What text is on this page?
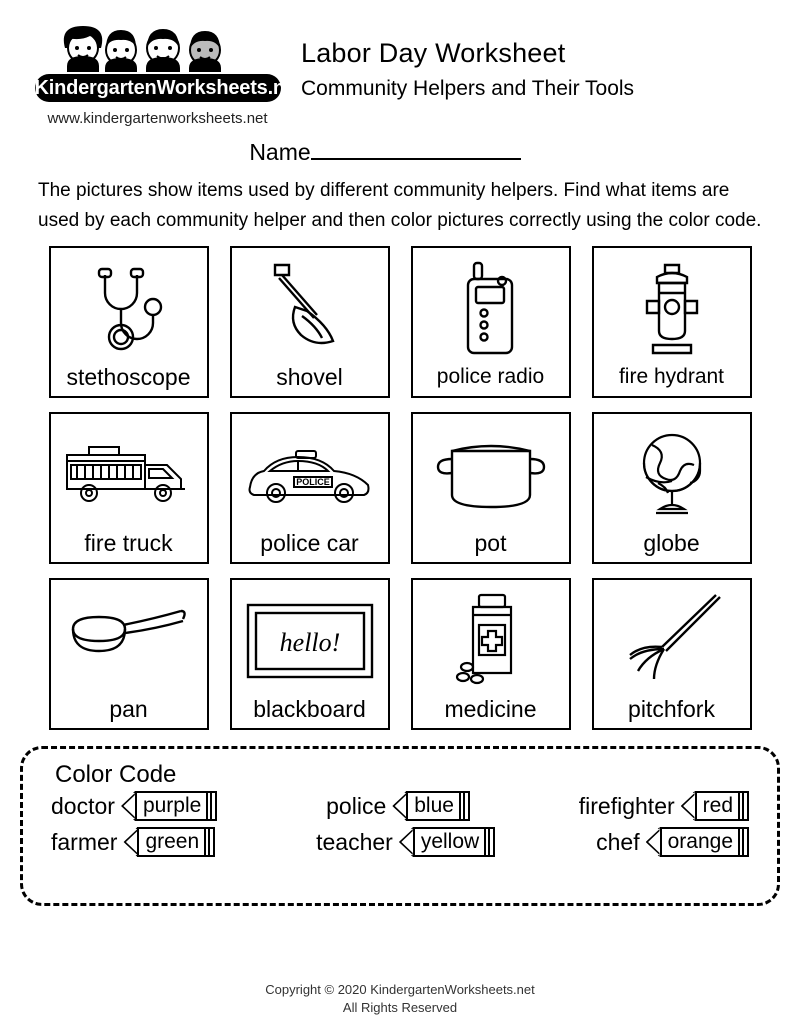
KindergartenWorksheets.net
www.kindergartenworksheets.net
Labor Day Worksheet
Community Helpers and Their Tools
Name

The pictures show items used by different community helpers. Find what items are used by each community helper and then color pictures correctly using the color code.

stethoscope	shovel	police radio	fire hydrant
fire truck
POLICE
police car	pot	globe
pan
hello!
blackboard	medicine	pitchfork
Color Code
doctor purple	police blue	firefighter red
farmer green	teacher yellow	chef orange
Copyright © 2020 KindergartenWorksheets.net
All Rights Reserved
